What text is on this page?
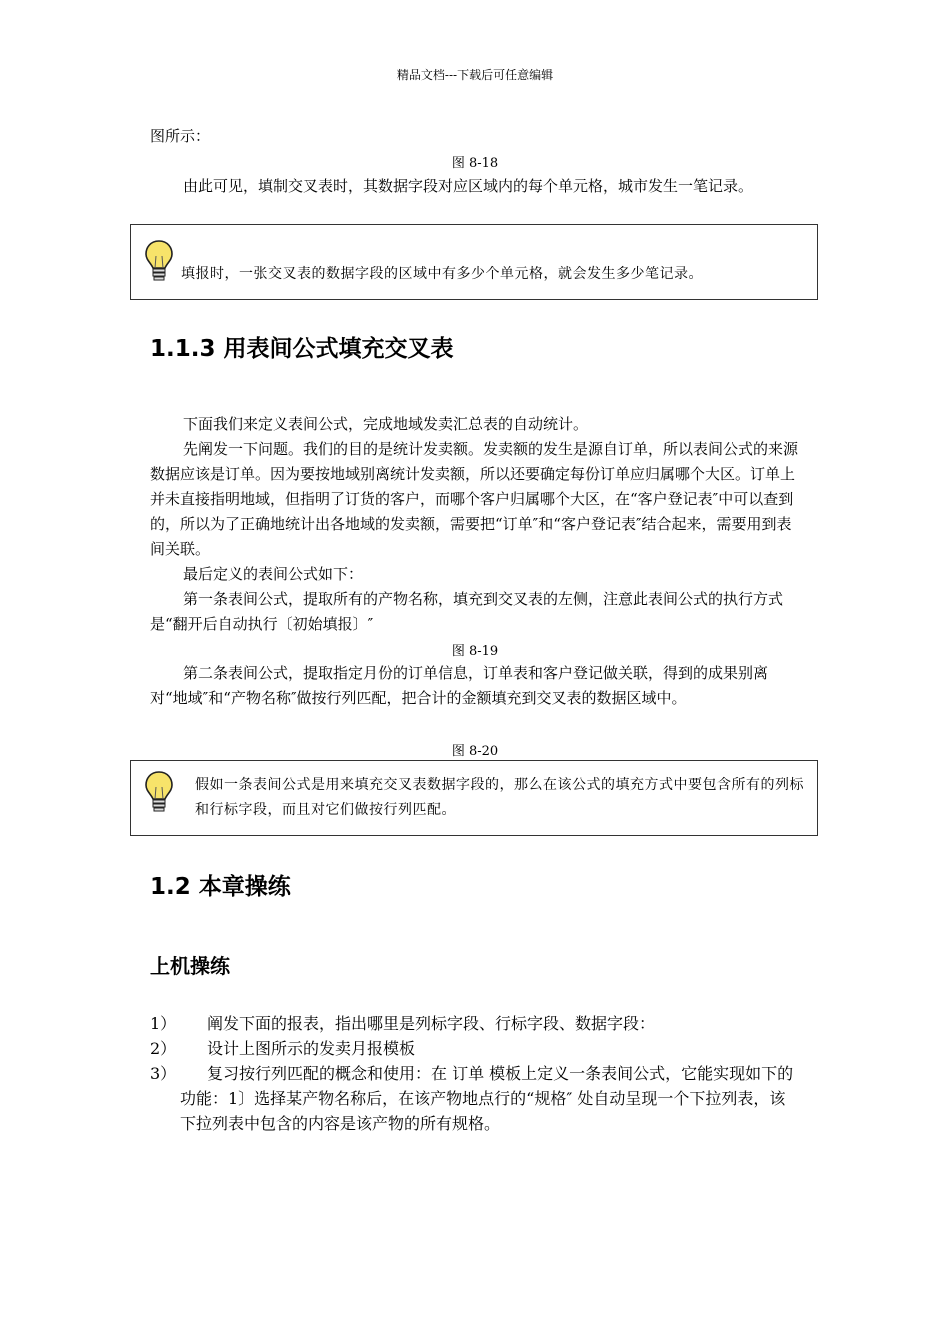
精品文档---下载后可任意编辑

图所示：

图 8-18

由此可见，填制交叉表时，其数据字段对应区域内的每个单元格，城市发生一笔记录。

填报时，一张交叉表的数据字段的区域中有多少个单元格，就会发生多少笔记录。
1.1.3 用表间公式填充交叉表

下面我们来定义表间公式，完成地域发卖汇总表的自动统计。

先阐发一下问题。我们的目的是统计发卖额。发卖额的发生是源自订单，所以表间公式的来源数据应该是订单。因为要按地域别离统计发卖额，所以还要确定每份订单应归属哪个大区。订单上并未直接指明地域，但指明了订货的客户，而哪个客户归属哪个大区，在“客户登记表″中可以查到的，所以为了正确地统计出各地域的发卖额，需要把“订单″和“客户登记表″结合起来，需要用到表间关联。

最后定义的表间公式如下：

第一条表间公式，提取所有的产物名称，填充到交叉表的左侧，注意此表间公式的执行方式是“翻开后自动执行〔初始填报〕″

图 8-19

第二条表间公式，提取指定月份的订单信息，订单表和客户登记做关联，得到的成果别离对“地域″和“产物名称″做按行列匹配，把合计的金额填充到交叉表的数据区域中。

图 8-20
假如一条表间公式是用来填充交叉表数据字段的，那么在该公式的填充方式中要包含所有的列标和行标字段，而且对它们做按行列匹配。
1.2 本章操练
上机操练
1）	阐发下面的报表，指出哪里是列标字段、行标字段、数据字段：
2）	设计上图所示的发卖月报模板
3）	复习按行列匹配的概念和使用：在 订单 模板上定义一条表间公式，它能实现如下的功能：1〕选择某产物名称后，在该产物地点行的“规格″ 处自动呈现一个下拉列表，该下拉列表中包含的内容是该产物的所有规格。
